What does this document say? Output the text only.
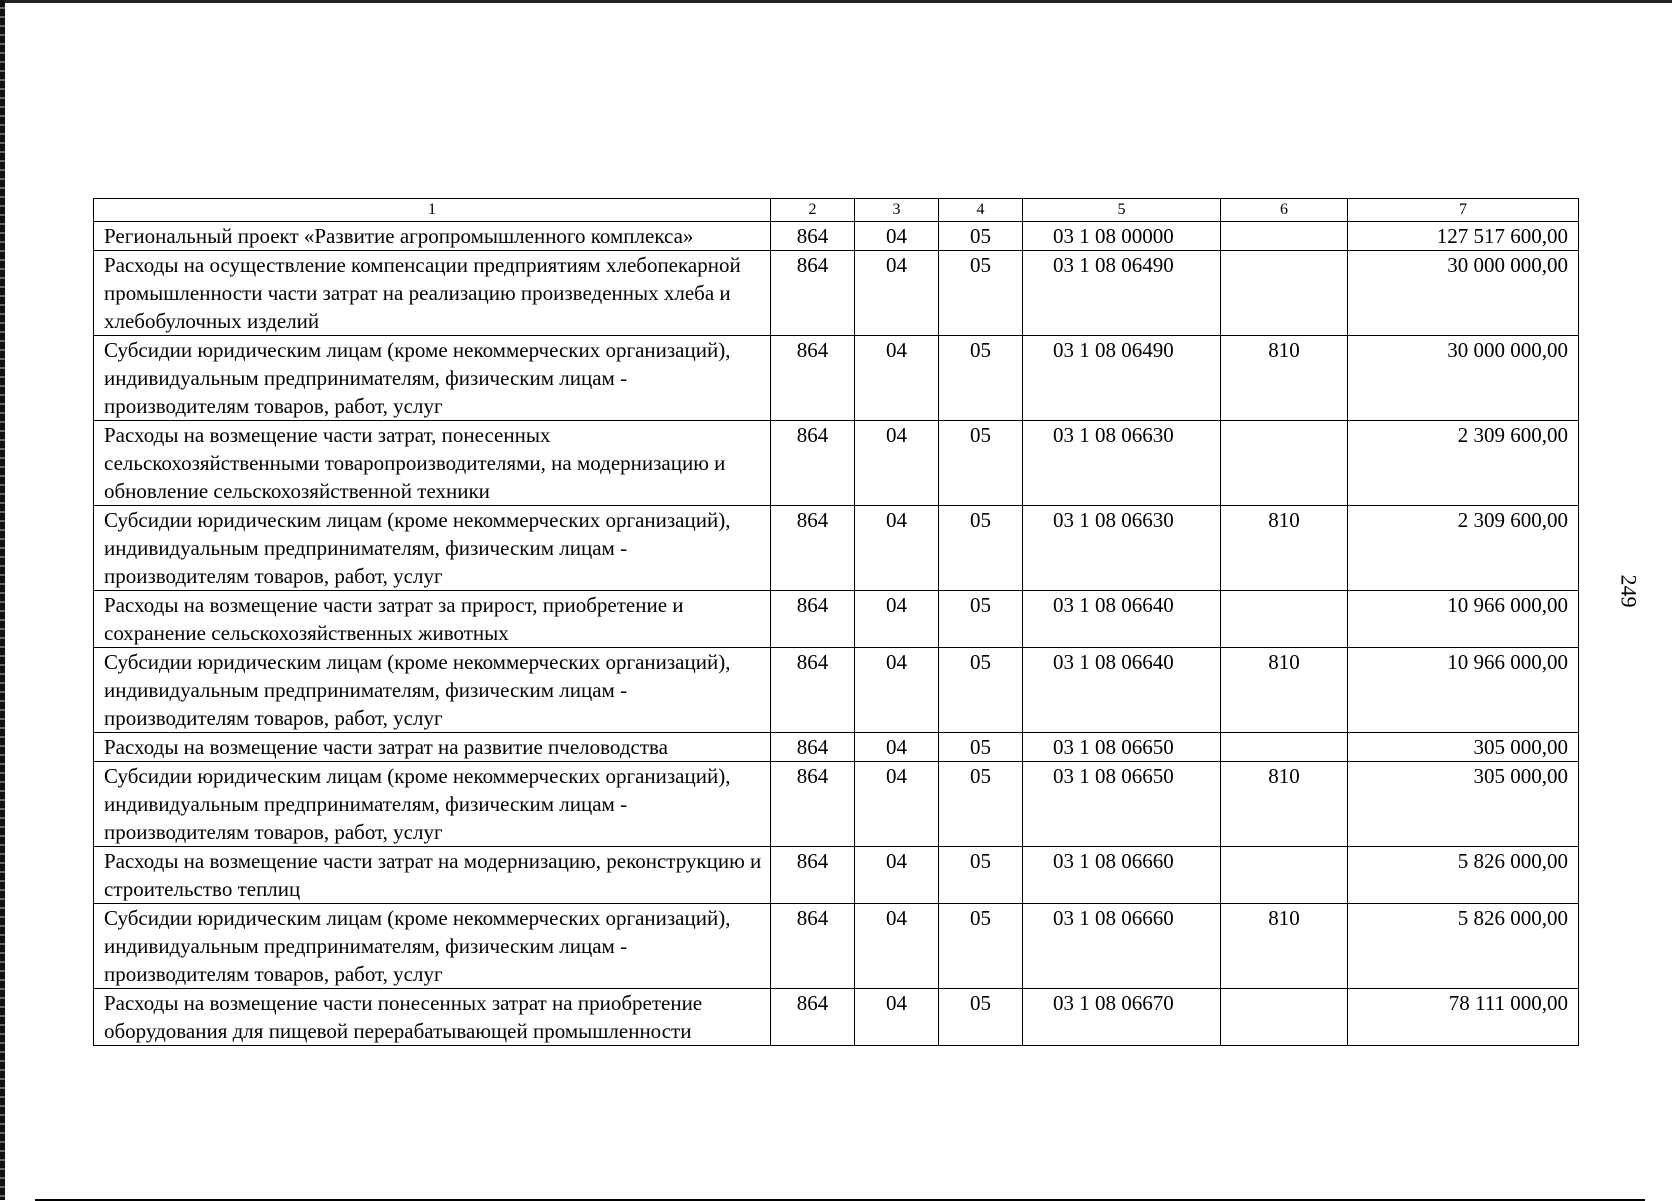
1	2	3	4	5	6	7
Региональный проект «Развитие агропромышленного комплекса»	864	04	05	03 1 08 00000		127 517 600,00
Расходы на осуществление компенсации предприятиям хлебопекарной промышленности части затрат на реализацию произведенных хлеба и хлебобулочных изделий	864	04	05	03 1 08 06490		30 000 000,00
Субсидии юридическим лицам (кроме некоммерческих организаций), индивидуальным предпринимателям, физическим лицам - производителям товаров, работ, услуг	864	04	05	03 1 08 06490	810	30 000 000,00
Расходы на возмещение части затрат, понесенных сельскохозяйственными товаропроизводителями, на модернизацию и обновление сельскохозяйственной техники	864	04	05	03 1 08 06630		2 309 600,00
Субсидии юридическим лицам (кроме некоммерческих организаций), индивидуальным предпринимателям, физическим лицам - производителям товаров, работ, услуг	864	04	05	03 1 08 06630	810	2 309 600,00
Расходы на возмещение части затрат за прирост, приобретение и сохранение сельскохозяйственных животных	864	04	05	03 1 08 06640		10 966 000,00
Субсидии юридическим лицам (кроме некоммерческих организаций), индивидуальным предпринимателям, физическим лицам - производителям товаров, работ, услуг	864	04	05	03 1 08 06640	810	10 966 000,00
Расходы на возмещение части затрат на развитие пчеловодства	864	04	05	03 1 08 06650		305 000,00
Субсидии юридическим лицам (кроме некоммерческих организаций), индивидуальным предпринимателям, физическим лицам - производителям товаров, работ, услуг	864	04	05	03 1 08 06650	810	305 000,00
Расходы на возмещение части затрат на модернизацию, реконструкцию и строительство теплиц	864	04	05	03 1 08 06660		5 826 000,00
Субсидии юридическим лицам (кроме некоммерческих организаций), индивидуальным предпринимателям, физическим лицам - производителям товаров, работ, услуг	864	04	05	03 1 08 06660	810	5 826 000,00
Расходы на возмещение части понесенных затрат на приобретение оборудования для пищевой перерабатывающей промышленности	864	04	05	03 1 08 06670		78 111 000,00
249
